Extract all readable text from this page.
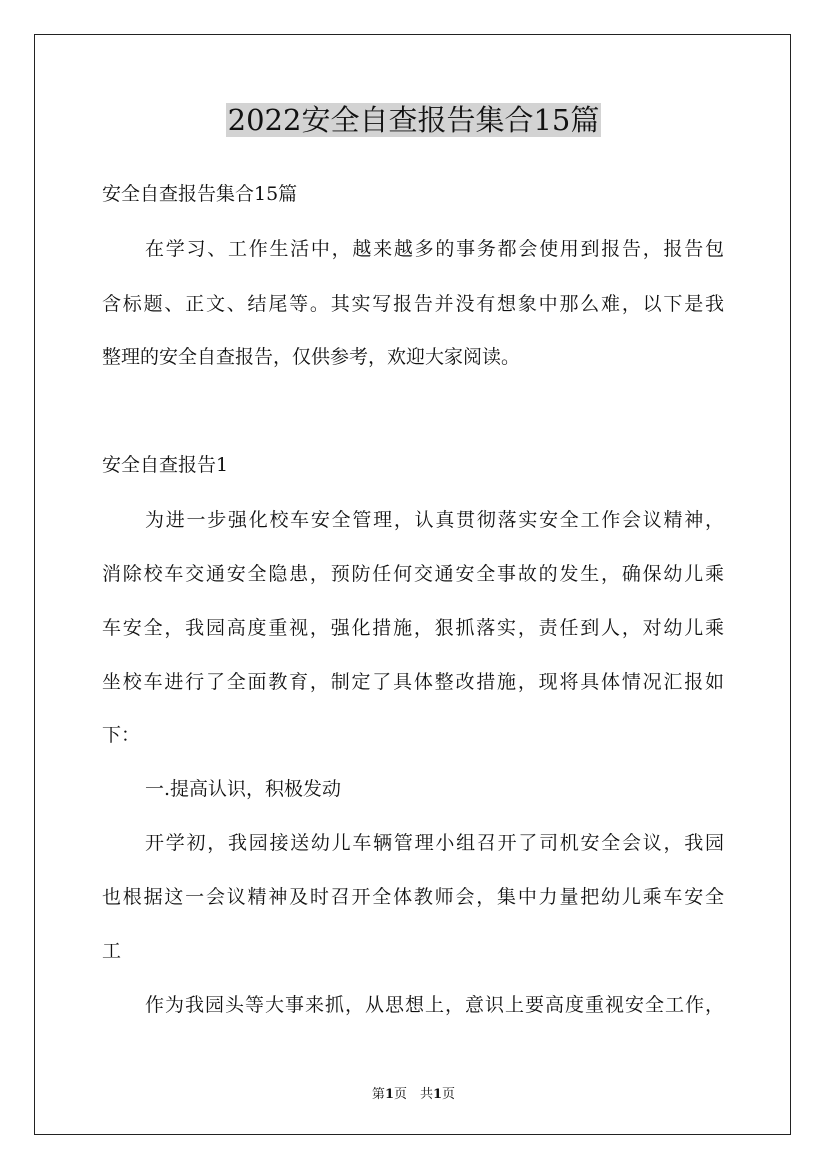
2022安全自查报告集合15篇
安全自查报告集合15篇
在学习、工作生活中，越来越多的事务都会使用到报告，报告包
含标题、正文、结尾等。其实写报告并没有想象中那么难，以下是我
整理的安全自查报告，仅供参考，欢迎大家阅读。
安全自查报告1
为进一步强化校车安全管理，认真贯彻落实安全工作会议精神，
消除校车交通安全隐患，预防任何交通安全事故的发生，确保幼儿乘
车安全，我园高度重视，强化措施，狠抓落实，责任到人，对幼儿乘
坐校车进行了全面教育，制定了具体整改措施，现将具体情况汇报如
下：
一.提高认识，积极发动
开学初，我园接送幼儿车辆管理小组召开了司机安全会议，我园
也根据这一会议精神及时召开全体教师会，集中力量把幼儿乘车安全
工
作为我园头等大事来抓，从思想上，意识上要高度重视安全工作，
第1页　共1页
